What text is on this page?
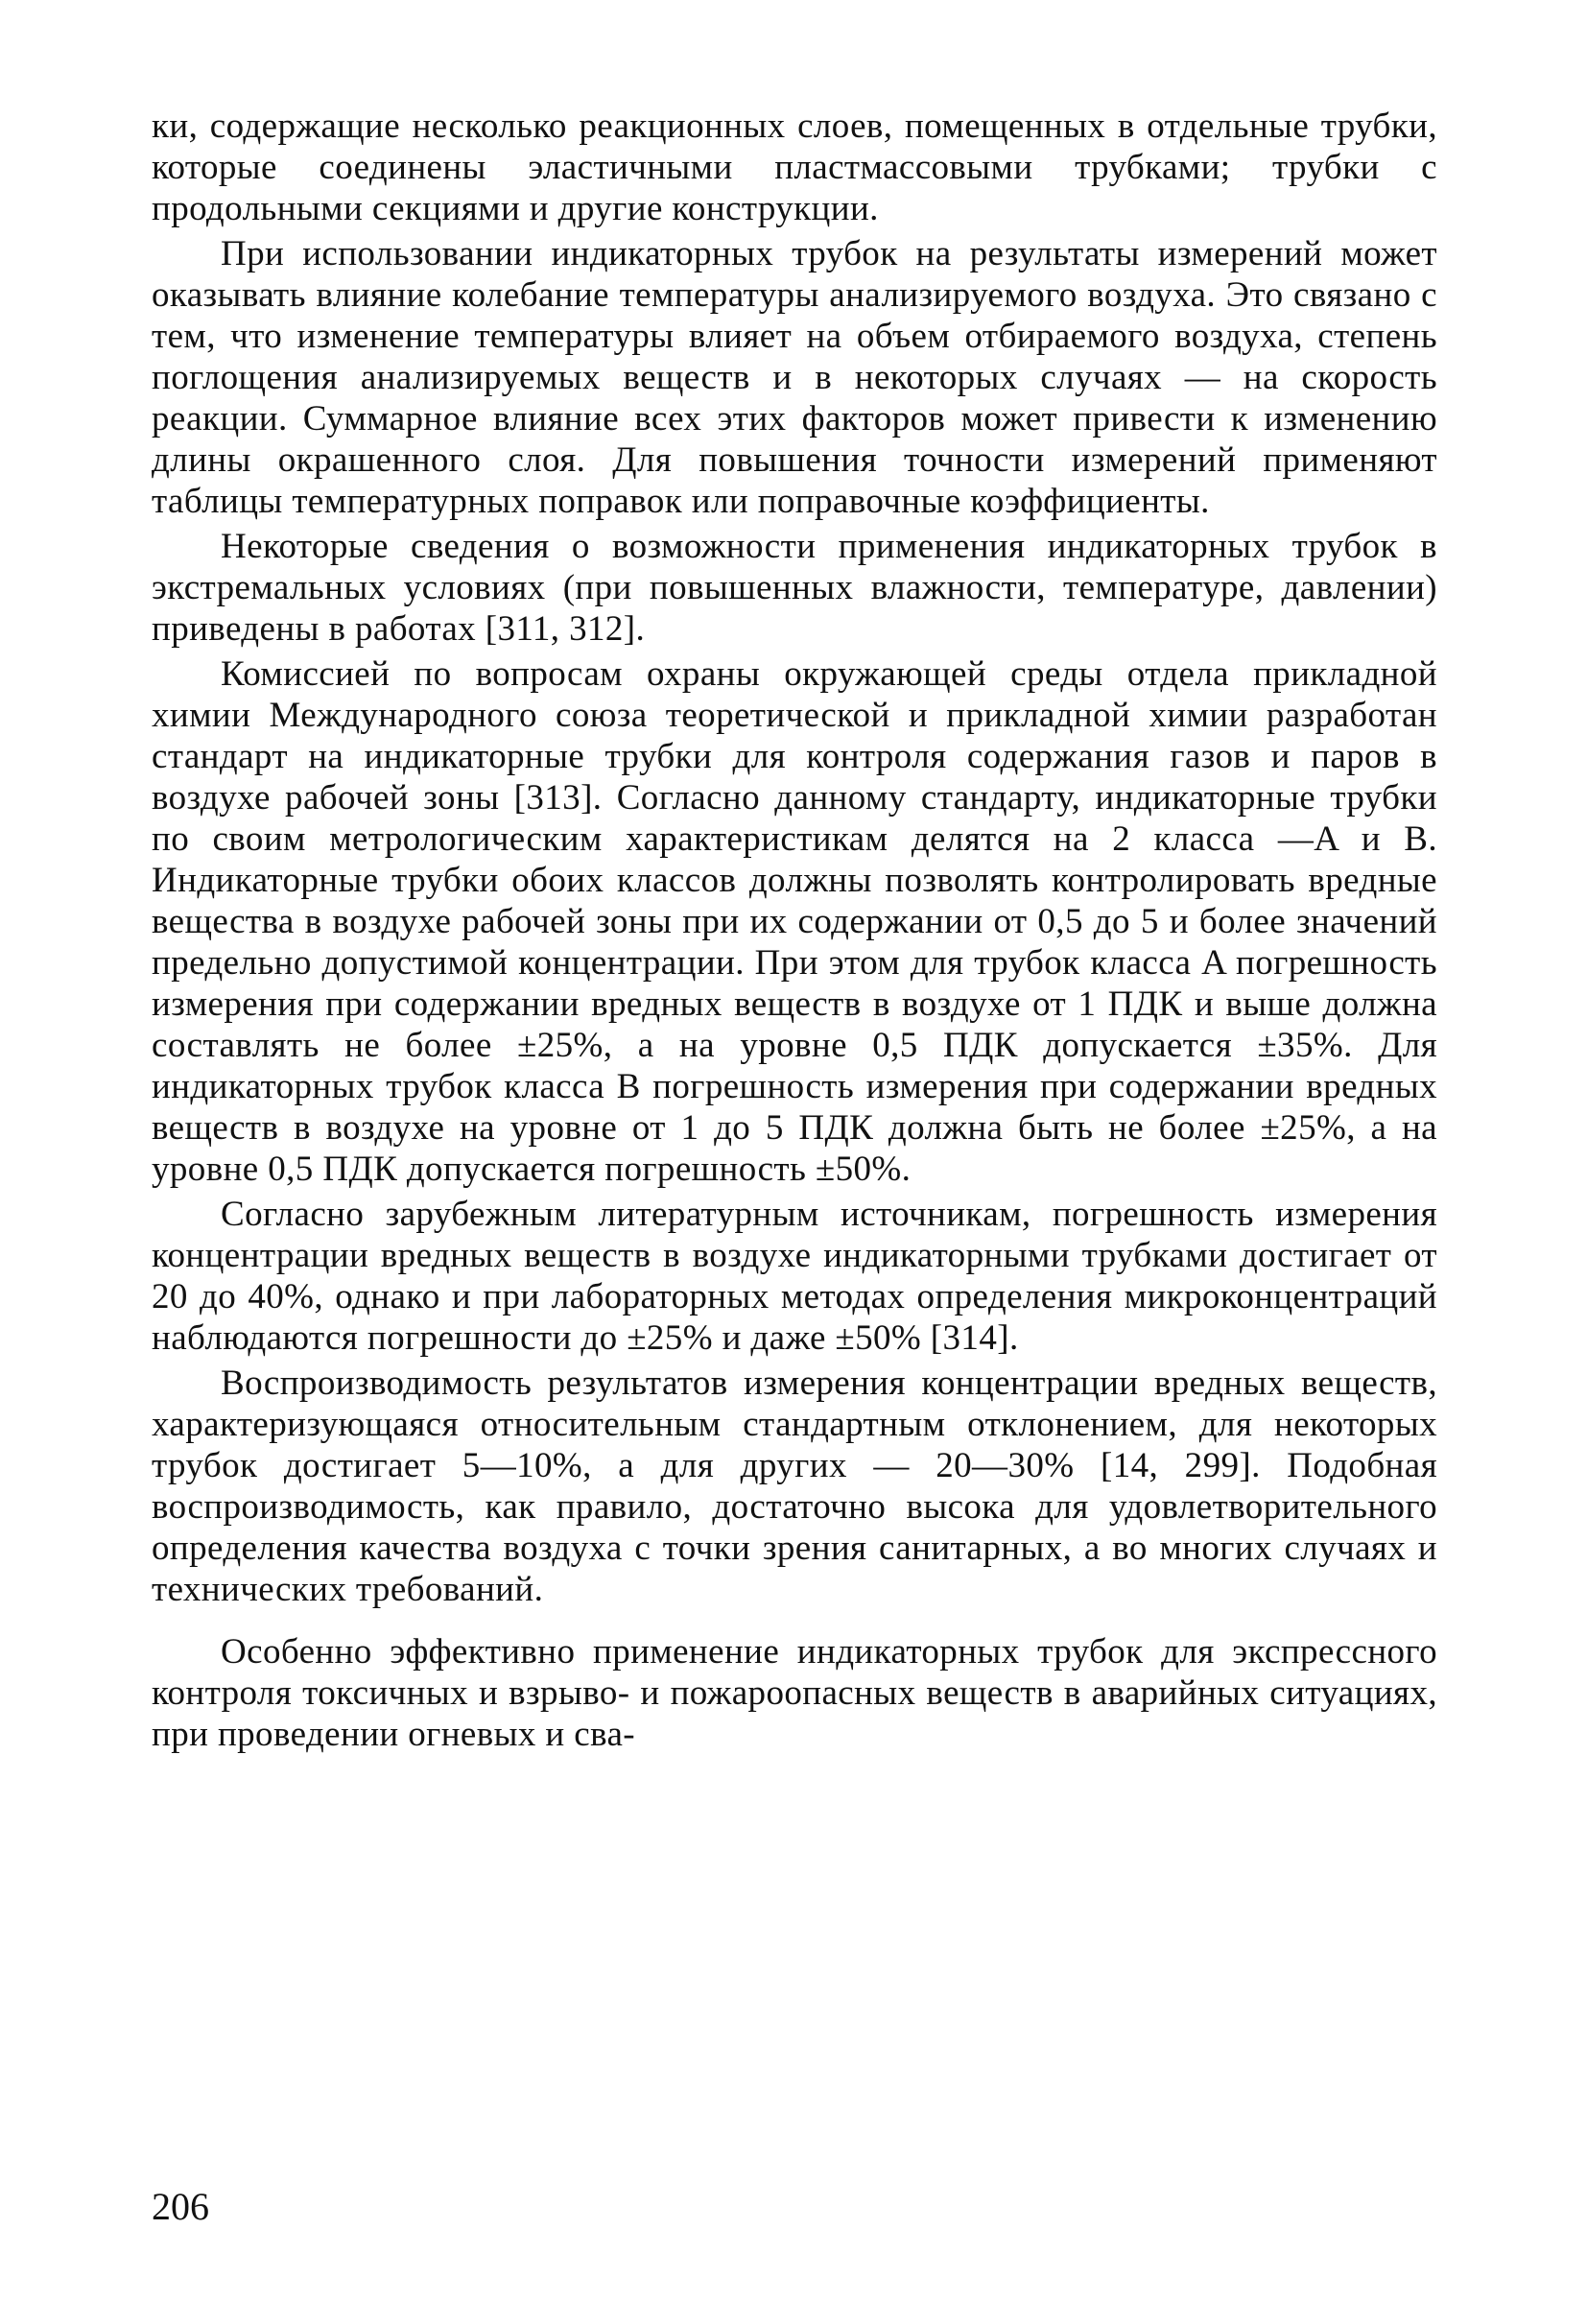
ки, содержащие несколько реакционных слоев, помещенных в отдельные трубки, которые соединены эластичными пластмассовыми трубками; трубки с продольными секциями и другие конструкции.

При использовании индикаторных трубок на результаты измерений может оказывать влияние колебание температуры анализируемого воздуха. Это связано с тем, что изменение температуры влияет на объем отбираемого воздуха, степень поглощения анализируемых веществ и в некоторых случаях — на скорость реакции. Суммарное влияние всех этих факторов может привести к изменению длины окрашенного слоя. Для повышения точности измерений применяют таблицы температурных поправок или поправочные коэффициенты.

Некоторые сведения о возможности применения индикаторных трубок в экстремальных условиях (при повышенных влажности, температуре, давлении) приведены в работах [311, 312].

Комиссией по вопросам охраны окружающей среды отдела прикладной химии Международного союза теоретической и прикладной химии разработан стандарт на индикаторные трубки для контроля содержания газов и паров в воздухе рабочей зоны [313]. Согласно данному стандарту, индикаторные трубки по своим метрологическим характеристикам делятся на 2 класса —A и B. Индикаторные трубки обоих классов должны позволять контролировать вредные вещества в воздухе рабочей зоны при их содержании от 0,5 до 5 и более значений предельно допустимой концентрации. При этом для трубок класса A погрешность измерения при содержании вредных веществ в воздухе от 1 ПДК и выше должна составлять не более ±25%, а на уровне 0,5 ПДК допускается ±35%. Для индикаторных трубок класса B погрешность измерения при содержании вредных веществ в воздухе на уровне от 1 до 5 ПДК должна быть не более ±25%, а на уровне 0,5 ПДК допускается погрешность ±50%.

Согласно зарубежным литературным источникам, погрешность измерения концентрации вредных веществ в воздухе индикаторными трубками достигает от 20 до 40%, однако и при лабораторных методах определения микроконцентраций наблюдаются погрешности до ±25% и даже ±50% [314].

Воспроизводимость результатов измерения концентрации вредных веществ, характеризующаяся относительным стандартным отклонением, для некоторых трубок достигает 5—10%, а для других — 20—30% [14, 299]. Подобная воспроизводимость, как правило, достаточно высока для удовлетворительного определения качества воздуха с точки зрения санитарных, а во многих случаях и технических требований.

Особенно эффективно применение индикаторных трубок для экспрессного контроля токсичных и взрыво- и пожароопасных веществ в аварийных ситуациях, при проведении огневых и сва-

206
